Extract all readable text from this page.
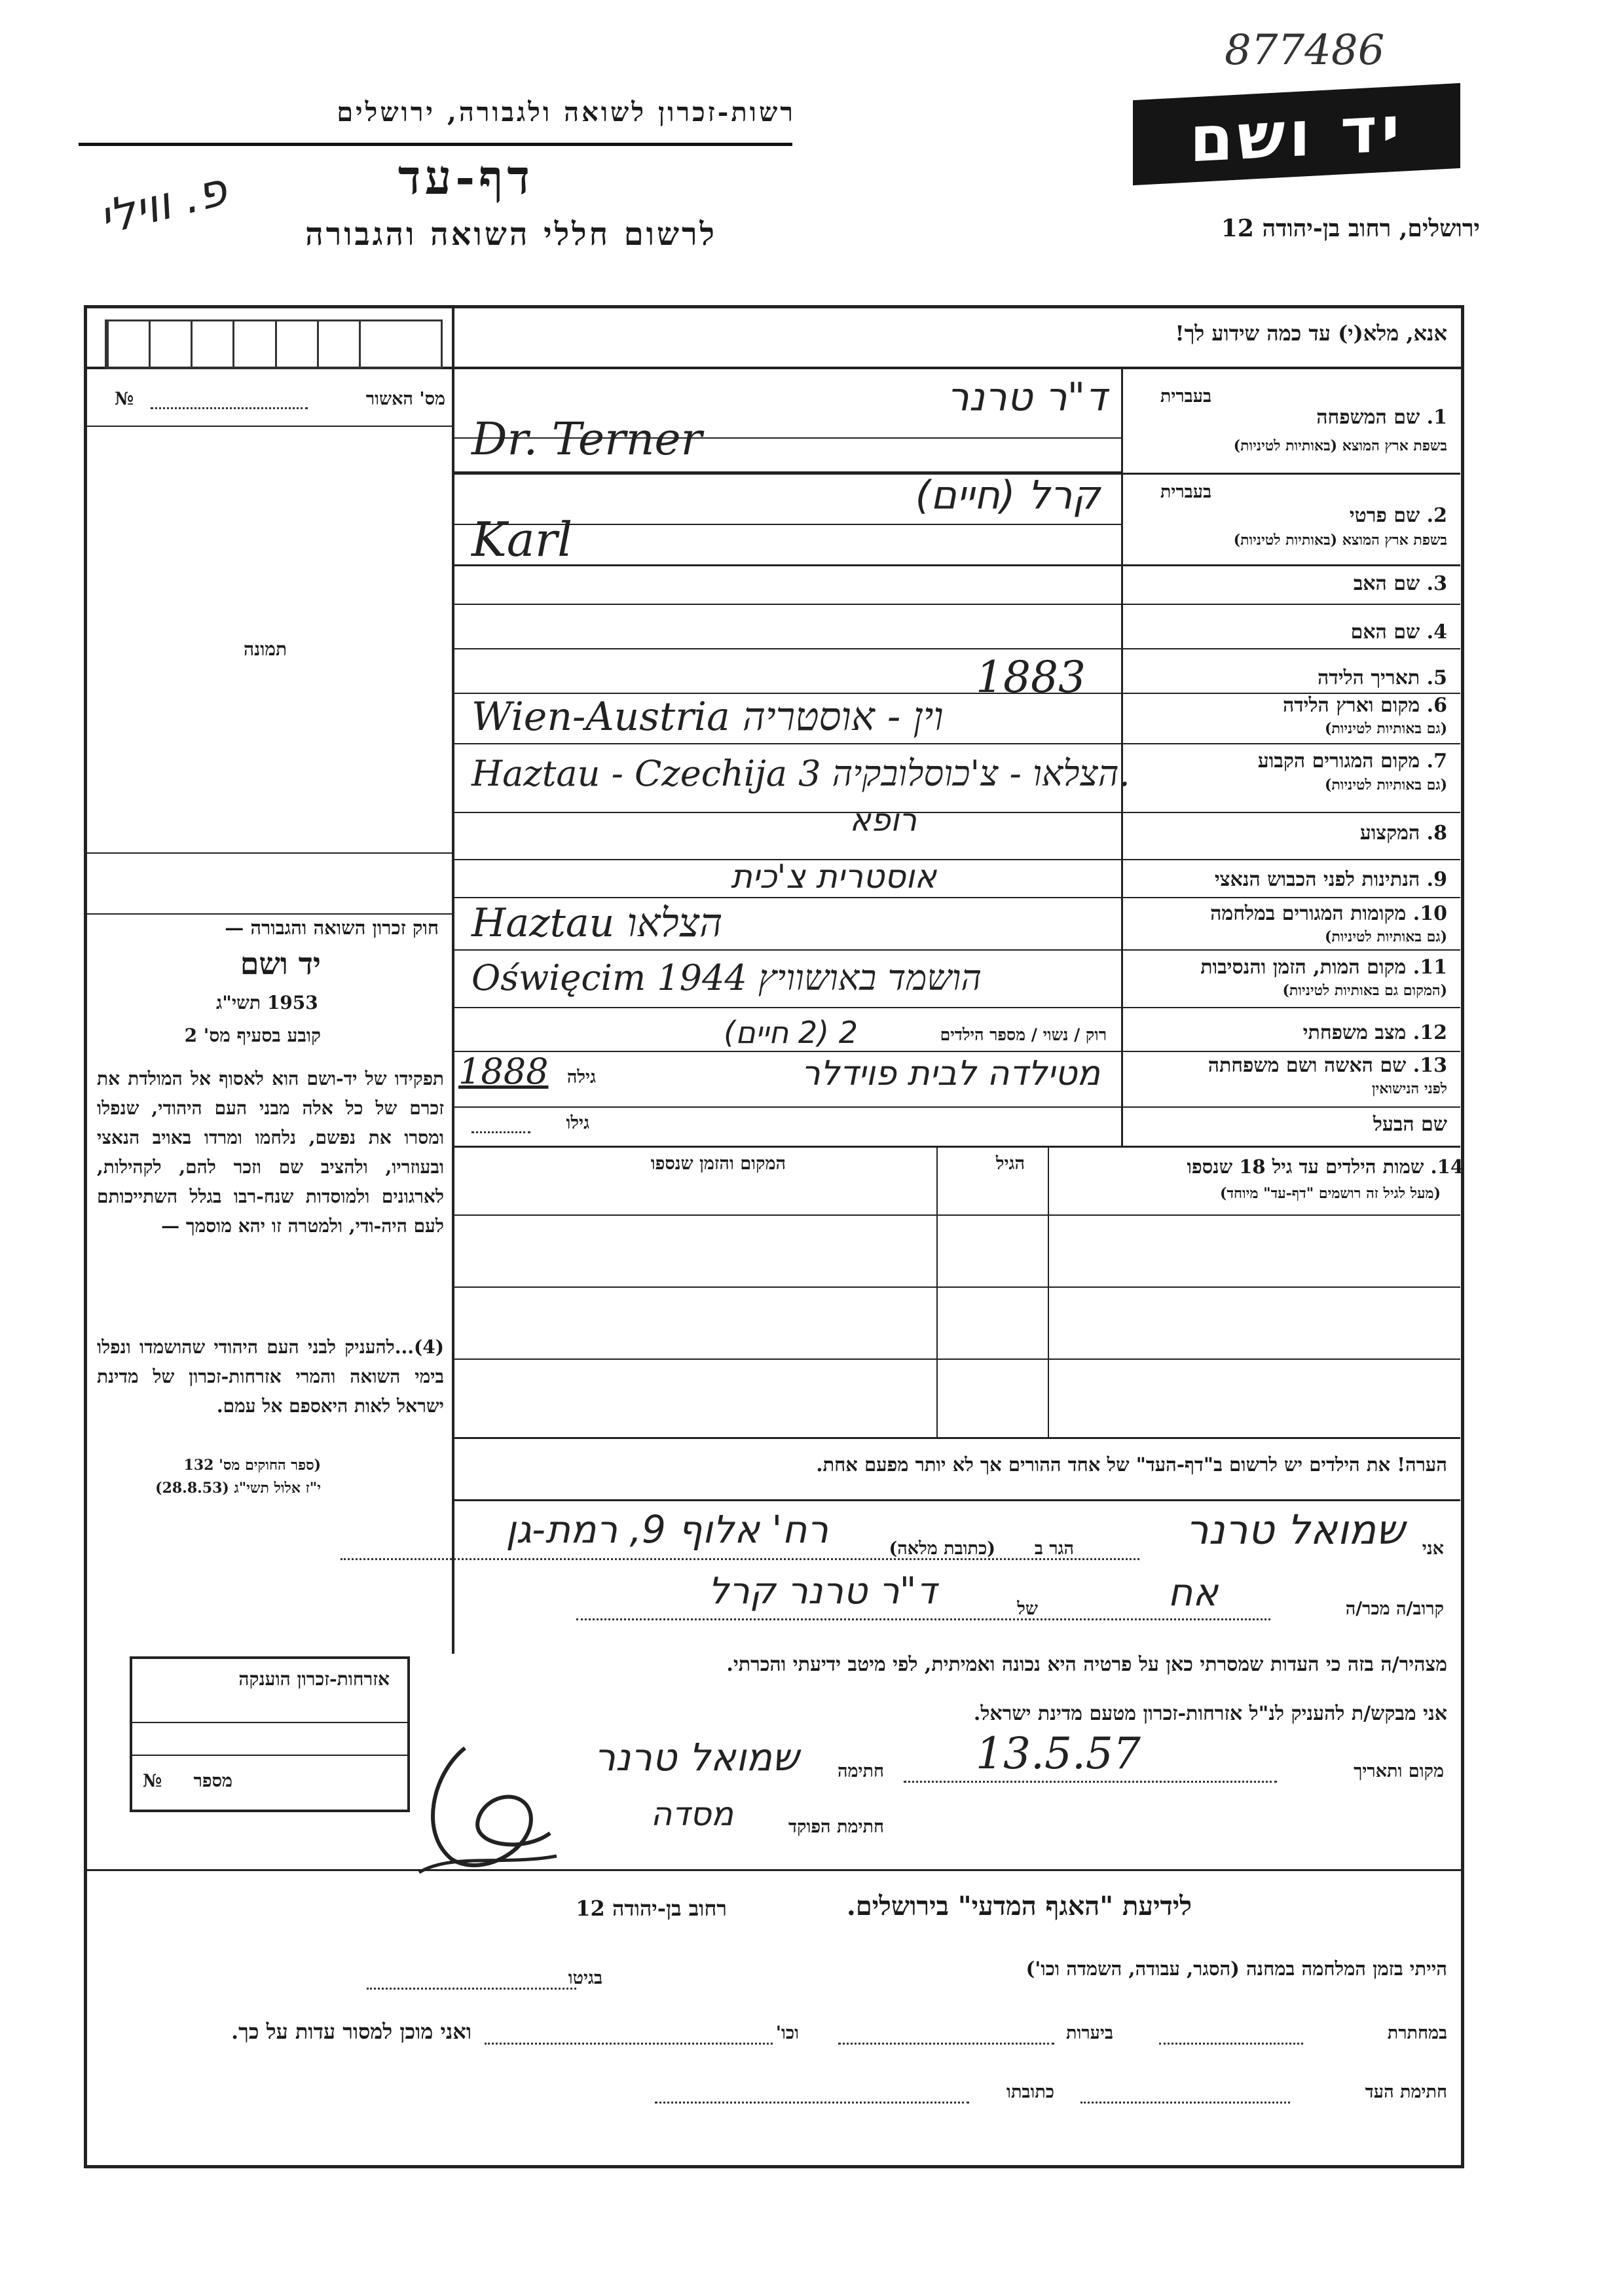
877486
רשות-זכרון לשואה ולגבורה, ירושלים
דף-עד
לרשום חללי השואה והגבורה
פ. ווילי
יד ושם
ירושלים, רחוב בן-יהודה 12
אנא, מלא(י) עד כמה שידוע לך!
מס' האשור
№
תמונה
בעברית
1. שם המשפחה
בשפת ארץ המוצא (באותיות לטיניות)
ד"ר טרנר
Dr. Terner
בעברית
2. שם פרטי
בשפת ארץ המוצא (באותיות לטיניות)
קרל (חיים)
Karl
3. שם האב
4. שם האם
5. תאריך הלידה
1883
6. מקום וארץ הלידה
(גם באותיות לטיניות)
Wien-Austria וין - אוסטריה
7. מקום המגורים הקבוע
(גם באותיות לטיניות)
Haztau - Czechija הצלאו - צ'כוסלובקיה 3.
רופא	8. המקצוע
9. הנתינות לפני הכבוש הנאצי
אוסטרית צ'כית
10. מקומות המגורים במלחמה
(גם באותיות לטיניות)
Haztau הצלאו
11. מקום המות, הזמן והנסיבות
(המקום גם באותיות לטיניות)
Oświęcim 1944 הושמד באושוויץ
12. מצב משפחתי
רוק / נשוי / מספר הילדים
2 (2 חיים)
13. שם האשה ושם משפחתה
לפני הנישואין
מטילדה לבית פוידלר
גילה
1888
שם הבעל
גילו
14. שמות הילדים עד גיל 18 שנספו
(מעל לגיל זה רושמים "דף-עד" מיוחד)
הגיל
המקום והזמן שנספו
הערה! את הילדים יש לרשום ב"דף-העד" של אחד ההורים אך לא יותר מפעם אחת.
חוק זכרון השואה והגבורה —
יד ושם
תשי"ג 1953
קובע בסעיף מס' 2
תפקידו של יד-ושם הוא לאסוף אל המולדת את זכרם של כל אלה מבני העם היהודי, שנפלו ומסרו את נפשם, נלחמו ומרדו באויב הנאצי ובעוזריו, ולהציב שם וזכר להם, לקהילות, לארגונים ולמוסדות שנח-רבו בגלל השתייכותם לעם היה-ודי, ולמטרה זו יהא מוסמך —
(4)...להעניק לבני העם היהודי שהושמדו ונפלו בימי השואה והמרי אזרחות-זכרון של מדינת ישראל לאות היאספם אל עמם.
(ספר החוקים מס' 132
י"ז אלול תשי"ג (28.8.53)
אזרחות-זכרון הוענקה
מספר
№
אני
שמואל טרנר
הגר ב
(כתובת מלאה)
רח' אלוף 9, רמת-גן
קרוב/ה מכר/ה
אח
של
ד"ר טרנר קרל
מצהיר/ה בזה כי העדות שמסרתי כאן על פרטיה היא נכונה ואמיתית, לפי מיטב ידיעתי והכרתי.
אני מבקש/ת להעניק לנ"ל אזרחות-זכרון מטעם מדינת ישראל.
מקום ותאריך
13.5.57
חתימה
שמואל טרנר
חתימת הפוקד
מסדה
לידיעת "האגף המדעי" בירושלים.
רחוב בן-יהודה 12
הייתי בזמן המלחמה במחנה (הסגר, עבודה, השמדה וכו')
בגיטו
במחתרת
ביערות
וכו'
ואני מוכן למסור עדות על כך.
חתימת העד
כתובתו
